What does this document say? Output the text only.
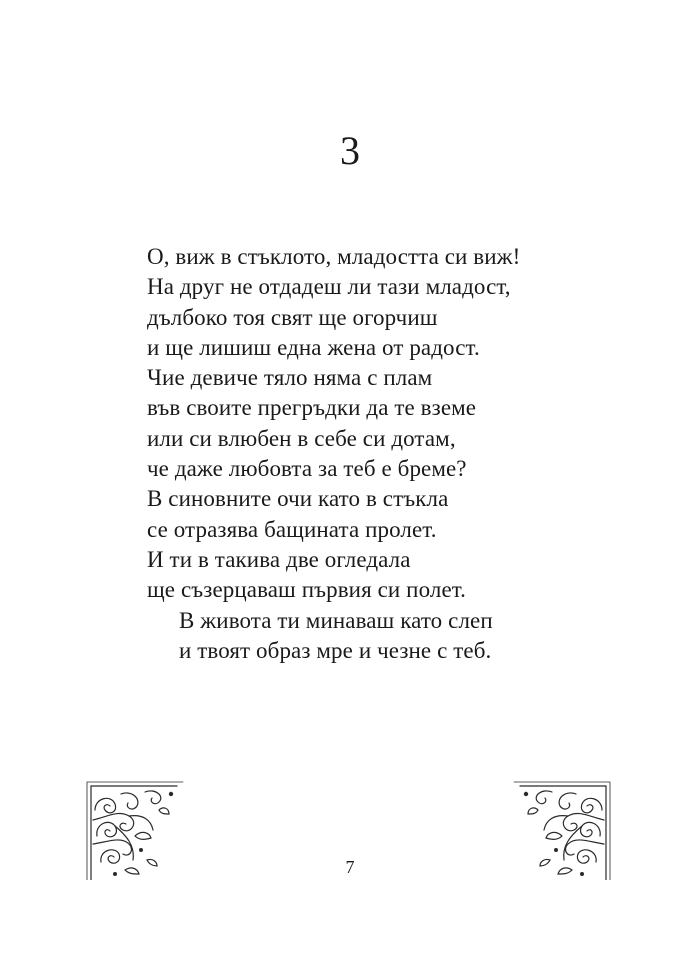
3
О, виж в стъклото, младостта си виж!
На друг не отдадеш ли тази младост,
дълбоко тоя свят ще огорчиш
и ще лишиш една жена от радост.
Чие девиче тяло няма с плам
във своите прегръдки да те вземе
или си влюбен в себе си дотам,
че даже любовта за теб е бреме?
В синовните очи като в стъкла
се отразява бащината пролет.
И ти в такива две огледала
ще съзерцаваш първия си полет.
В живота ти минаваш като слеп
и твоят образ мре и чезне с теб.
7
